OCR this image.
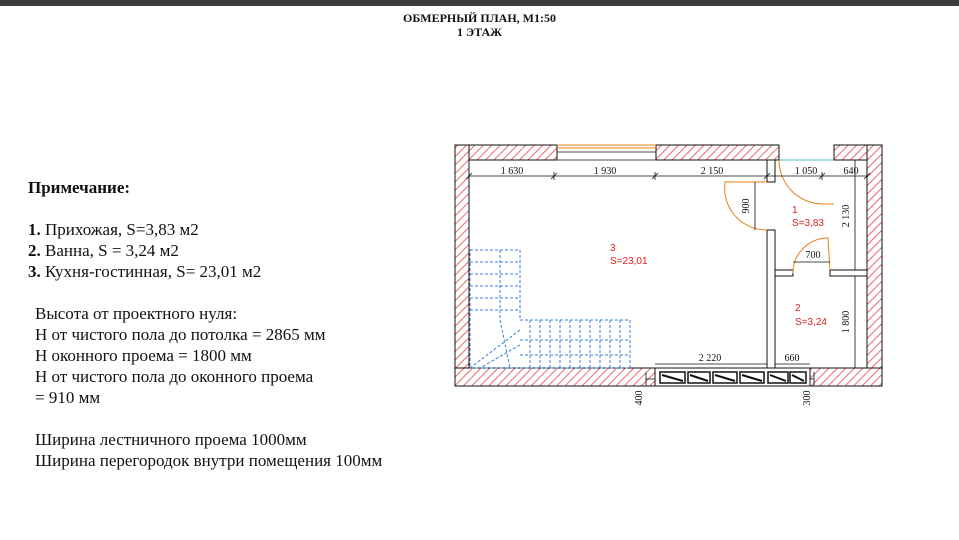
ОБМЕРНЫЙ ПЛАН, М1:50
1 ЭТАЖ
Примечание:
1. Прихожая, S=3,83 м2
2. Ванна, S = 3,24 м2
3. Кухня-гостинная, S= 23,01 м2
Высота от проектного нуля:
Н от чистого пола до потолка = 2865 мм
Н оконного проема = 1800 мм
Н от чистого пола до оконного проема
= 910 мм
Ширина лестничного проема 1000мм
Ширина перегородок внутри помещения 100мм
1 630	1 930	2 150	1 050	640
900	2 130
700
1 800
2 220	660
400	300
1
S=3,83
2
S=3,24
3
S=23,01
